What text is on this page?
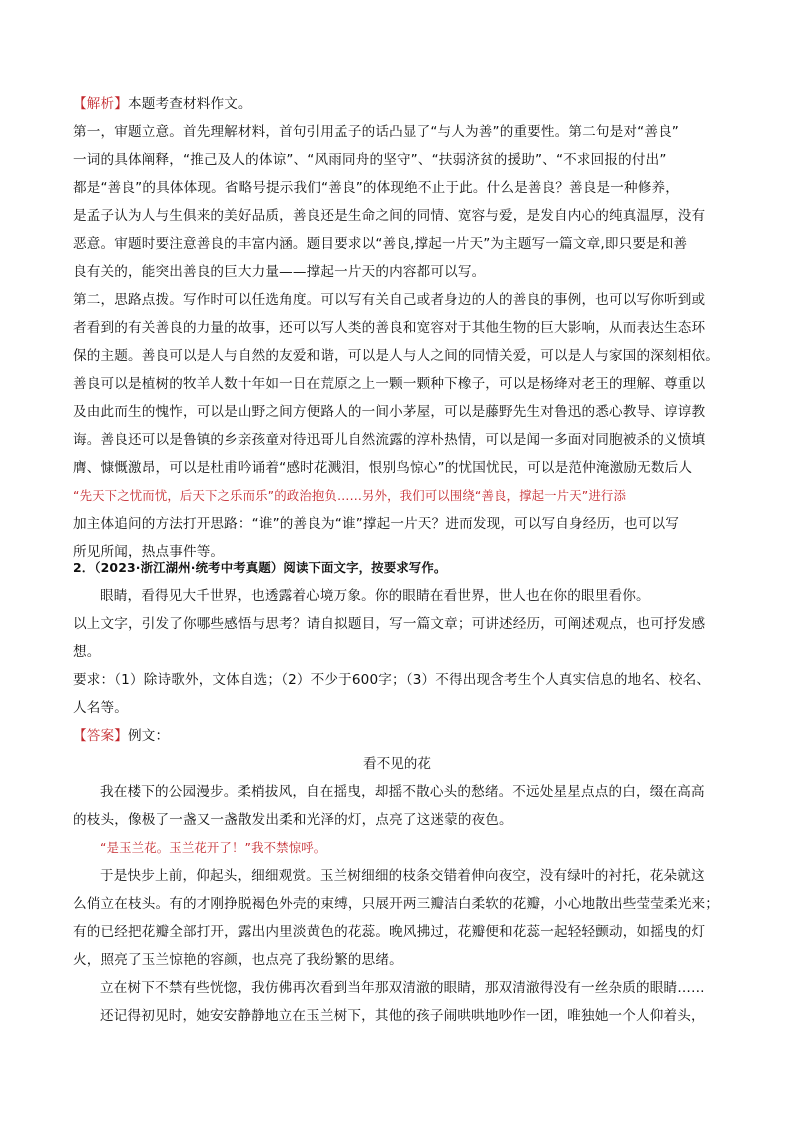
【解析】本题考查材料作文。
第一，审题立意。首先理解材料，首句引用孟子的话凸显了“与人为善”的重要性。第二句是对“善良”
一词的具体阐释，“推己及人的体谅”、“风雨同舟的坚守”、“扶弱济贫的援助”、“不求回报的付出”
都是“善良”的具体体现。省略号提示我们“善良”的体现绝不止于此。什么是善良？善良是一种修养，
是孟子认为人与生俱来的美好品质，善良还是生命之间的同情、宽容与爱，是发自内心的纯真温厚，没有
恶意。审题时要注意善良的丰富内涵。题目要求以“善良,撑起一片天”为主题写一篇文章,即只要是和善
良有关的，能突出善良的巨大力量——撑起一片天的内容都可以写。
第二，思路点拨。写作时可以任选角度。可以写有关自己或者身边的人的善良的事例，也可以写你听到或
者看到的有关善良的力量的故事，还可以写人类的善良和宽容对于其他生物的巨大影响，从而表达生态环
保的主题。善良可以是人与自然的友爱和谐，可以是人与人之间的同情关爱，可以是人与家国的深刻相依。
善良可以是植树的牧羊人数十年如一日在荒原之上一颗一颗种下橡子，可以是杨绛对老王的理解、尊重以
及由此而生的愧怍，可以是山野之间方便路人的一间小茅屋，可以是藤野先生对鲁迅的悉心教导、谆谆教
诲。善良还可以是鲁镇的乡亲孩童对待迅哥儿自然流露的淳朴热情，可以是闻一多面对同胞被杀的义愤填
膺、慷慨激昂，可以是杜甫吟诵着“感时花溅泪，恨别鸟惊心”的忧国忧民，可以是范仲淹激励无数后人
“先天下之忧而忧，后天下之乐而乐”的政治抱负……另外，我们可以围绕“善良，撑起一片天”进行添
加主体追问的方法打开思路：“谁”的善良为“谁”撑起一片天？进而发现，可以写自身经历，也可以写
所见所闻，热点事件等。
2．（2023·浙江湖州·统考中考真题）阅读下面文字，按要求写作。
眼睛，看得见大千世界，也透露着心境万象。你的眼睛在看世界，世人也在你的眼里看你。
以上文字，引发了你哪些感悟与思考？请自拟题目，写一篇文章；可讲述经历，可阐述观点，也可抒发感
想。
要求：（1）除诗歌外，文体自选；（2）不少于600字；（3）不得出现含考生个人真实信息的地名、校名、
人名等。
【答案】例文：
看不见的花
我在楼下的公园漫步。柔梢拔风，自在摇曳，却摇不散心头的愁绪。不远处星星点点的白，缀在高高
的枝头，像极了一盏又一盏散发出柔和光泽的灯，点亮了这迷蒙的夜色。
“是玉兰花。玉兰花开了！”我不禁惊呼。
于是快步上前，仰起头，细细观赏。玉兰树细细的枝条交错着伸向夜空，没有绿叶的衬托，花朵就这
么俏立在枝头。有的才刚挣脱褐色外壳的束缚，只展开两三瓣洁白柔软的花瓣，小心地散出些莹莹柔光来；
有的已经把花瓣全部打开，露出内里淡黄色的花蕊。晚风拂过，花瓣便和花蕊一起轻轻颤动，如摇曳的灯
火，照亮了玉兰惊艳的容颜，也点亮了我纷繁的思绪。
立在树下不禁有些恍惚，我仿佛再次看到当年那双清澈的眼睛，那双清澈得没有一丝杂质的眼睛……
还记得初见时，她安安静静地立在玉兰树下，其他的孩子闹哄哄地吵作一团，唯独她一个人仰着头，
